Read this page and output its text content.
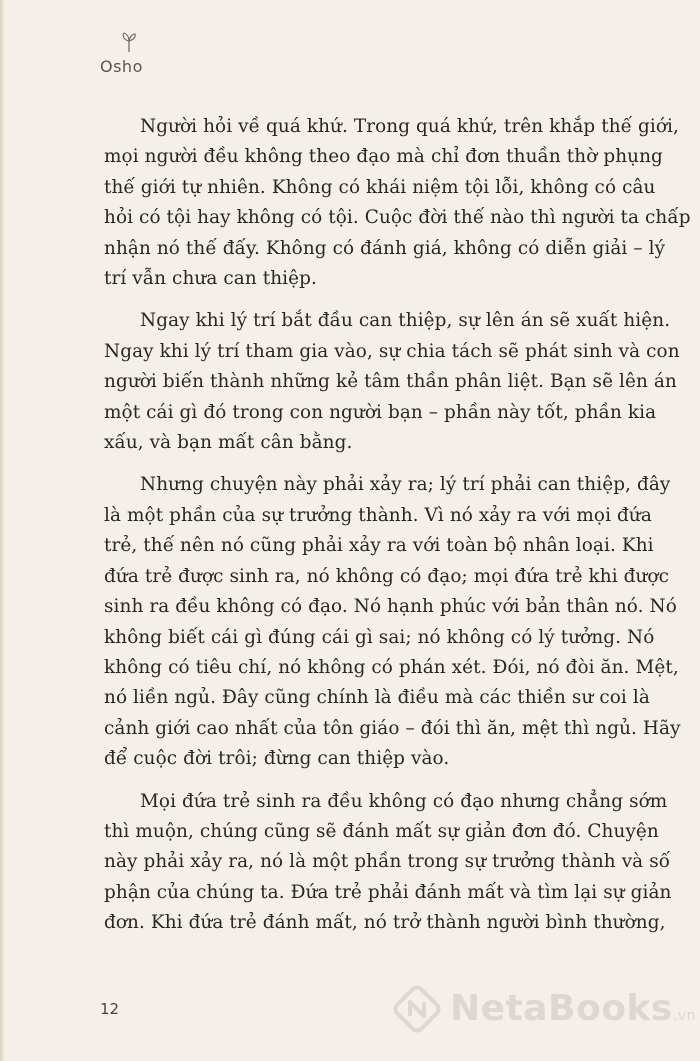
Osho

Người hỏi về quá khứ. Trong quá khứ, trên khắp thế giới,
mọi người đều không theo đạo mà chỉ đơn thuần thờ phụng
thế giới tự nhiên. Không có khái niệm tội lỗi, không có câu
hỏi có tội hay không có tội. Cuộc đời thế nào thì người ta chấp
nhận nó thế đấy. Không có đánh giá, không có diễn giải – lý
trí vẫn chưa can thiệp.

Ngay khi lý trí bắt đầu can thiệp, sự lên án sẽ xuất hiện.
Ngay khi lý trí tham gia vào, sự chia tách sẽ phát sinh và con
người biến thành những kẻ tâm thần phân liệt. Bạn sẽ lên án
một cái gì đó trong con người bạn – phần này tốt, phần kia
xấu, và bạn mất cân bằng.

Nhưng chuyện này phải xảy ra; lý trí phải can thiệp, đây
là một phần của sự trưởng thành. Vì nó xảy ra với mọi đứa
trẻ, thế nên nó cũng phải xảy ra với toàn bộ nhân loại. Khi
đứa trẻ được sinh ra, nó không có đạo; mọi đứa trẻ khi được
sinh ra đều không có đạo. Nó hạnh phúc với bản thân nó. Nó
không biết cái gì đúng cái gì sai; nó không có lý tưởng. Nó
không có tiêu chí, nó không có phán xét. Đói, nó đòi ăn. Mệt,
nó liền ngủ. Đây cũng chính là điều mà các thiền sư coi là
cảnh giới cao nhất của tôn giáo – đói thì ăn, mệt thì ngủ. Hãy
để cuộc đời trôi; đừng can thiệp vào.

Mọi đứa trẻ sinh ra đều không có đạo nhưng chẳng sớm
thì muộn, chúng cũng sẽ đánh mất sự giản đơn đó. Chuyện
này phải xảy ra, nó là một phần trong sự trưởng thành và số
phận của chúng ta. Đứa trẻ phải đánh mất và tìm lại sự giản
đơn. Khi đứa trẻ đánh mất, nó trở thành người bình thường,

12	NetaBooks.vn
